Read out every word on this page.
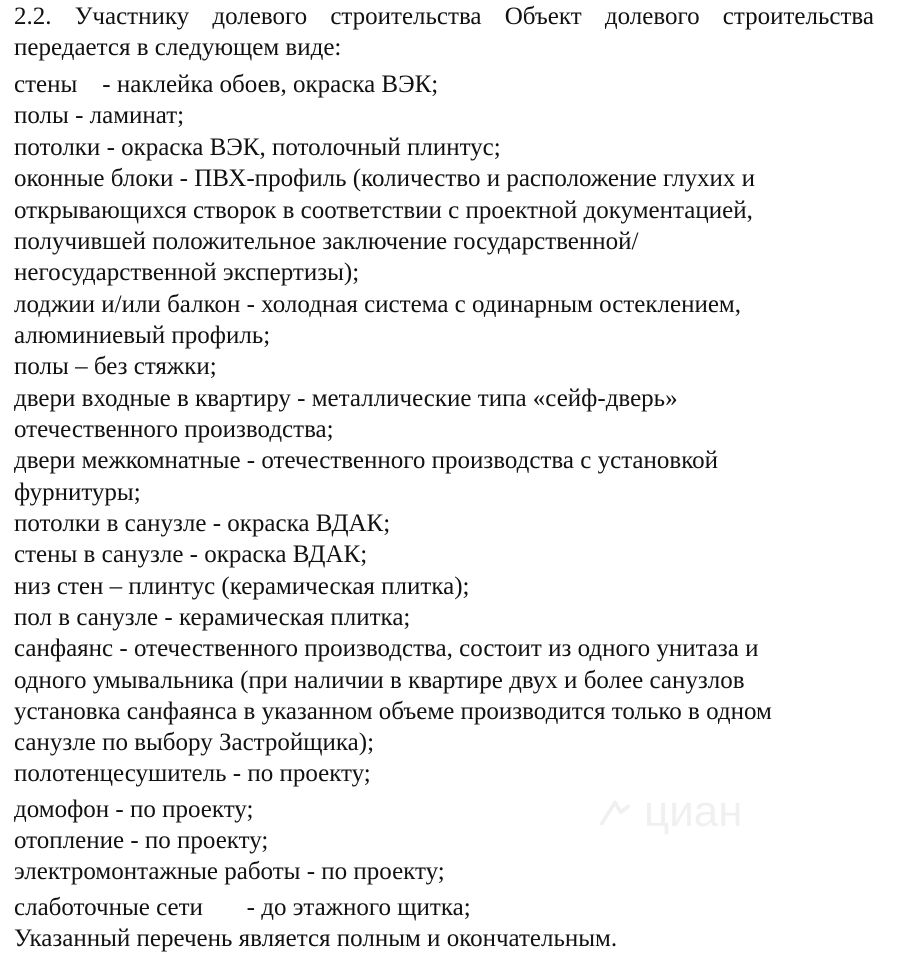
2.2. Участнику долевого строительства Объект долевого строительства
передается в следующем виде:
стены    - наклейка обоев, окраска ВЭК;
полы - ламинат;
потолки - окраска ВЭК, потолочный плинтус;
оконные блоки - ПВХ-профиль (количество и расположение глухих и
открывающихся створок в соответствии с проектной документацией,
получившей положительное заключение государственной/
негосударственной экспертизы);
лоджии и/или балкон - холодная система с одинарным остеклением,
алюминиевый профиль;
полы – без стяжки;
двери входные в квартиру - металлические типа «сейф-дверь»
отечественного производства;
двери межкомнатные - отечественного производства с установкой
фурнитуры;
потолки в санузле - окраска ВДАК;
стены в санузле - окраска ВДАК;
низ стен – плинтус (керамическая плитка);
пол в санузле - керамическая плитка;
санфаянс - отечественного производства, состоит из одного унитаза и
одного умывальника (при наличии в квартире двух и более санузлов
установка санфаянса в указанном объеме производится только в одном
санузле по выбору Застройщика);
полотенцесушитель - по проекту;
домофон - по проекту;
отопление - по проекту;
электромонтажные работы - по проекту;
слаботочные сети       - до этажного щитка;
Указанный перечень является полным и окончательным.
циан
